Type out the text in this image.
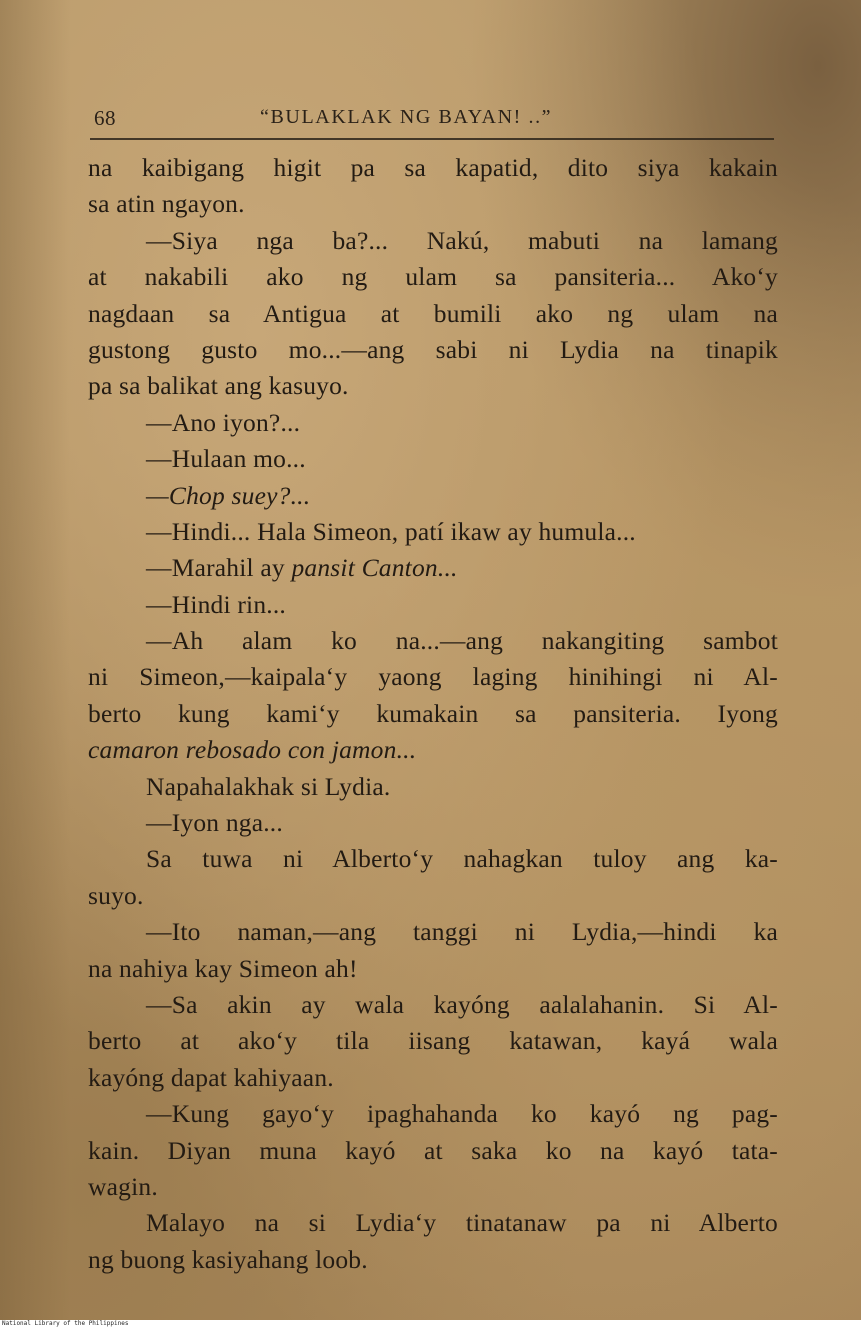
68	“BULAKLAK NG BAYAN! ..”
na kaibigang higit pa sa kapatid, dito siya kakain
sa atin ngayon.
—Siya nga ba?... Nakú, mabuti na lamang
at nakabili ako ng ulam sa pansiteria... Ako‘y
nagdaan sa Antigua at bumili ako ng ulam na
gustong gusto mo...—ang sabi ni Lydia na tinapik
pa sa balikat ang kasuyo.
—Ano iyon?...
—Hulaan mo...
—Chop suey?...
—Hindi... Hala Simeon, patí ikaw ay humula...
—Marahil ay pansit Canton...
—Hindi rin...
—Ah alam ko na...—ang nakangiting sambot
ni Simeon,—kaipala‘y yaong laging hinihingi ni Al-
berto kung kami‘y kumakain sa pansiteria. Iyong
camaron rebosado con jamon...
Napahalakhak si Lydia.
—Iyon nga...
Sa tuwa ni Alberto‘y nahagkan tuloy ang ka-
suyo.
—Ito naman,—ang tanggi ni Lydia,—hindi ka
na nahiya kay Simeon ah!
—Sa akin ay wala kayóng aalalahanin. Si Al-
berto at ako‘y tila iisang katawan, kayá wala
kayóng dapat kahiyaan.
—Kung gayo‘y ipaghahanda ko kayó ng pag-
kain. Diyan muna kayó at saka ko na kayó tata-
wagin.
Malayo na si Lydia‘y tinatanaw pa ni Alberto
ng buong kasiyahang loob.
National Library of the Philippines
